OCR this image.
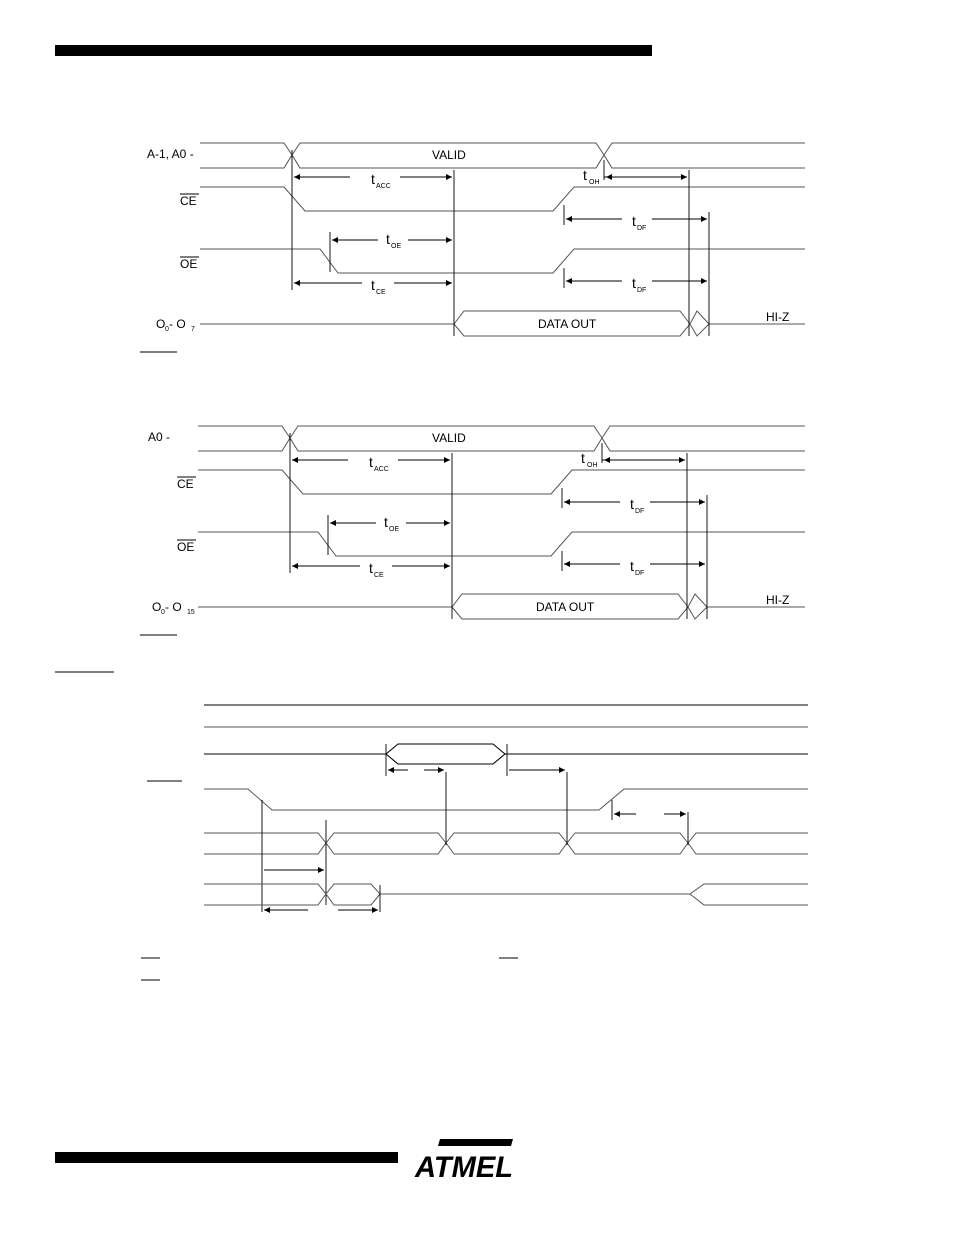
A-1, A0 -
CE
OE
O 0 - O 7
VALID
DATA OUT	HI-Z
t ACC
t OH
t DF
t OE
t CE
t DF
A0 -
CE
OE
O 0 - O 15
VALID
DATA OUT	HI-Z
t ACC
t OH
t DF
t OE
t CE
t DF
ATMEL
